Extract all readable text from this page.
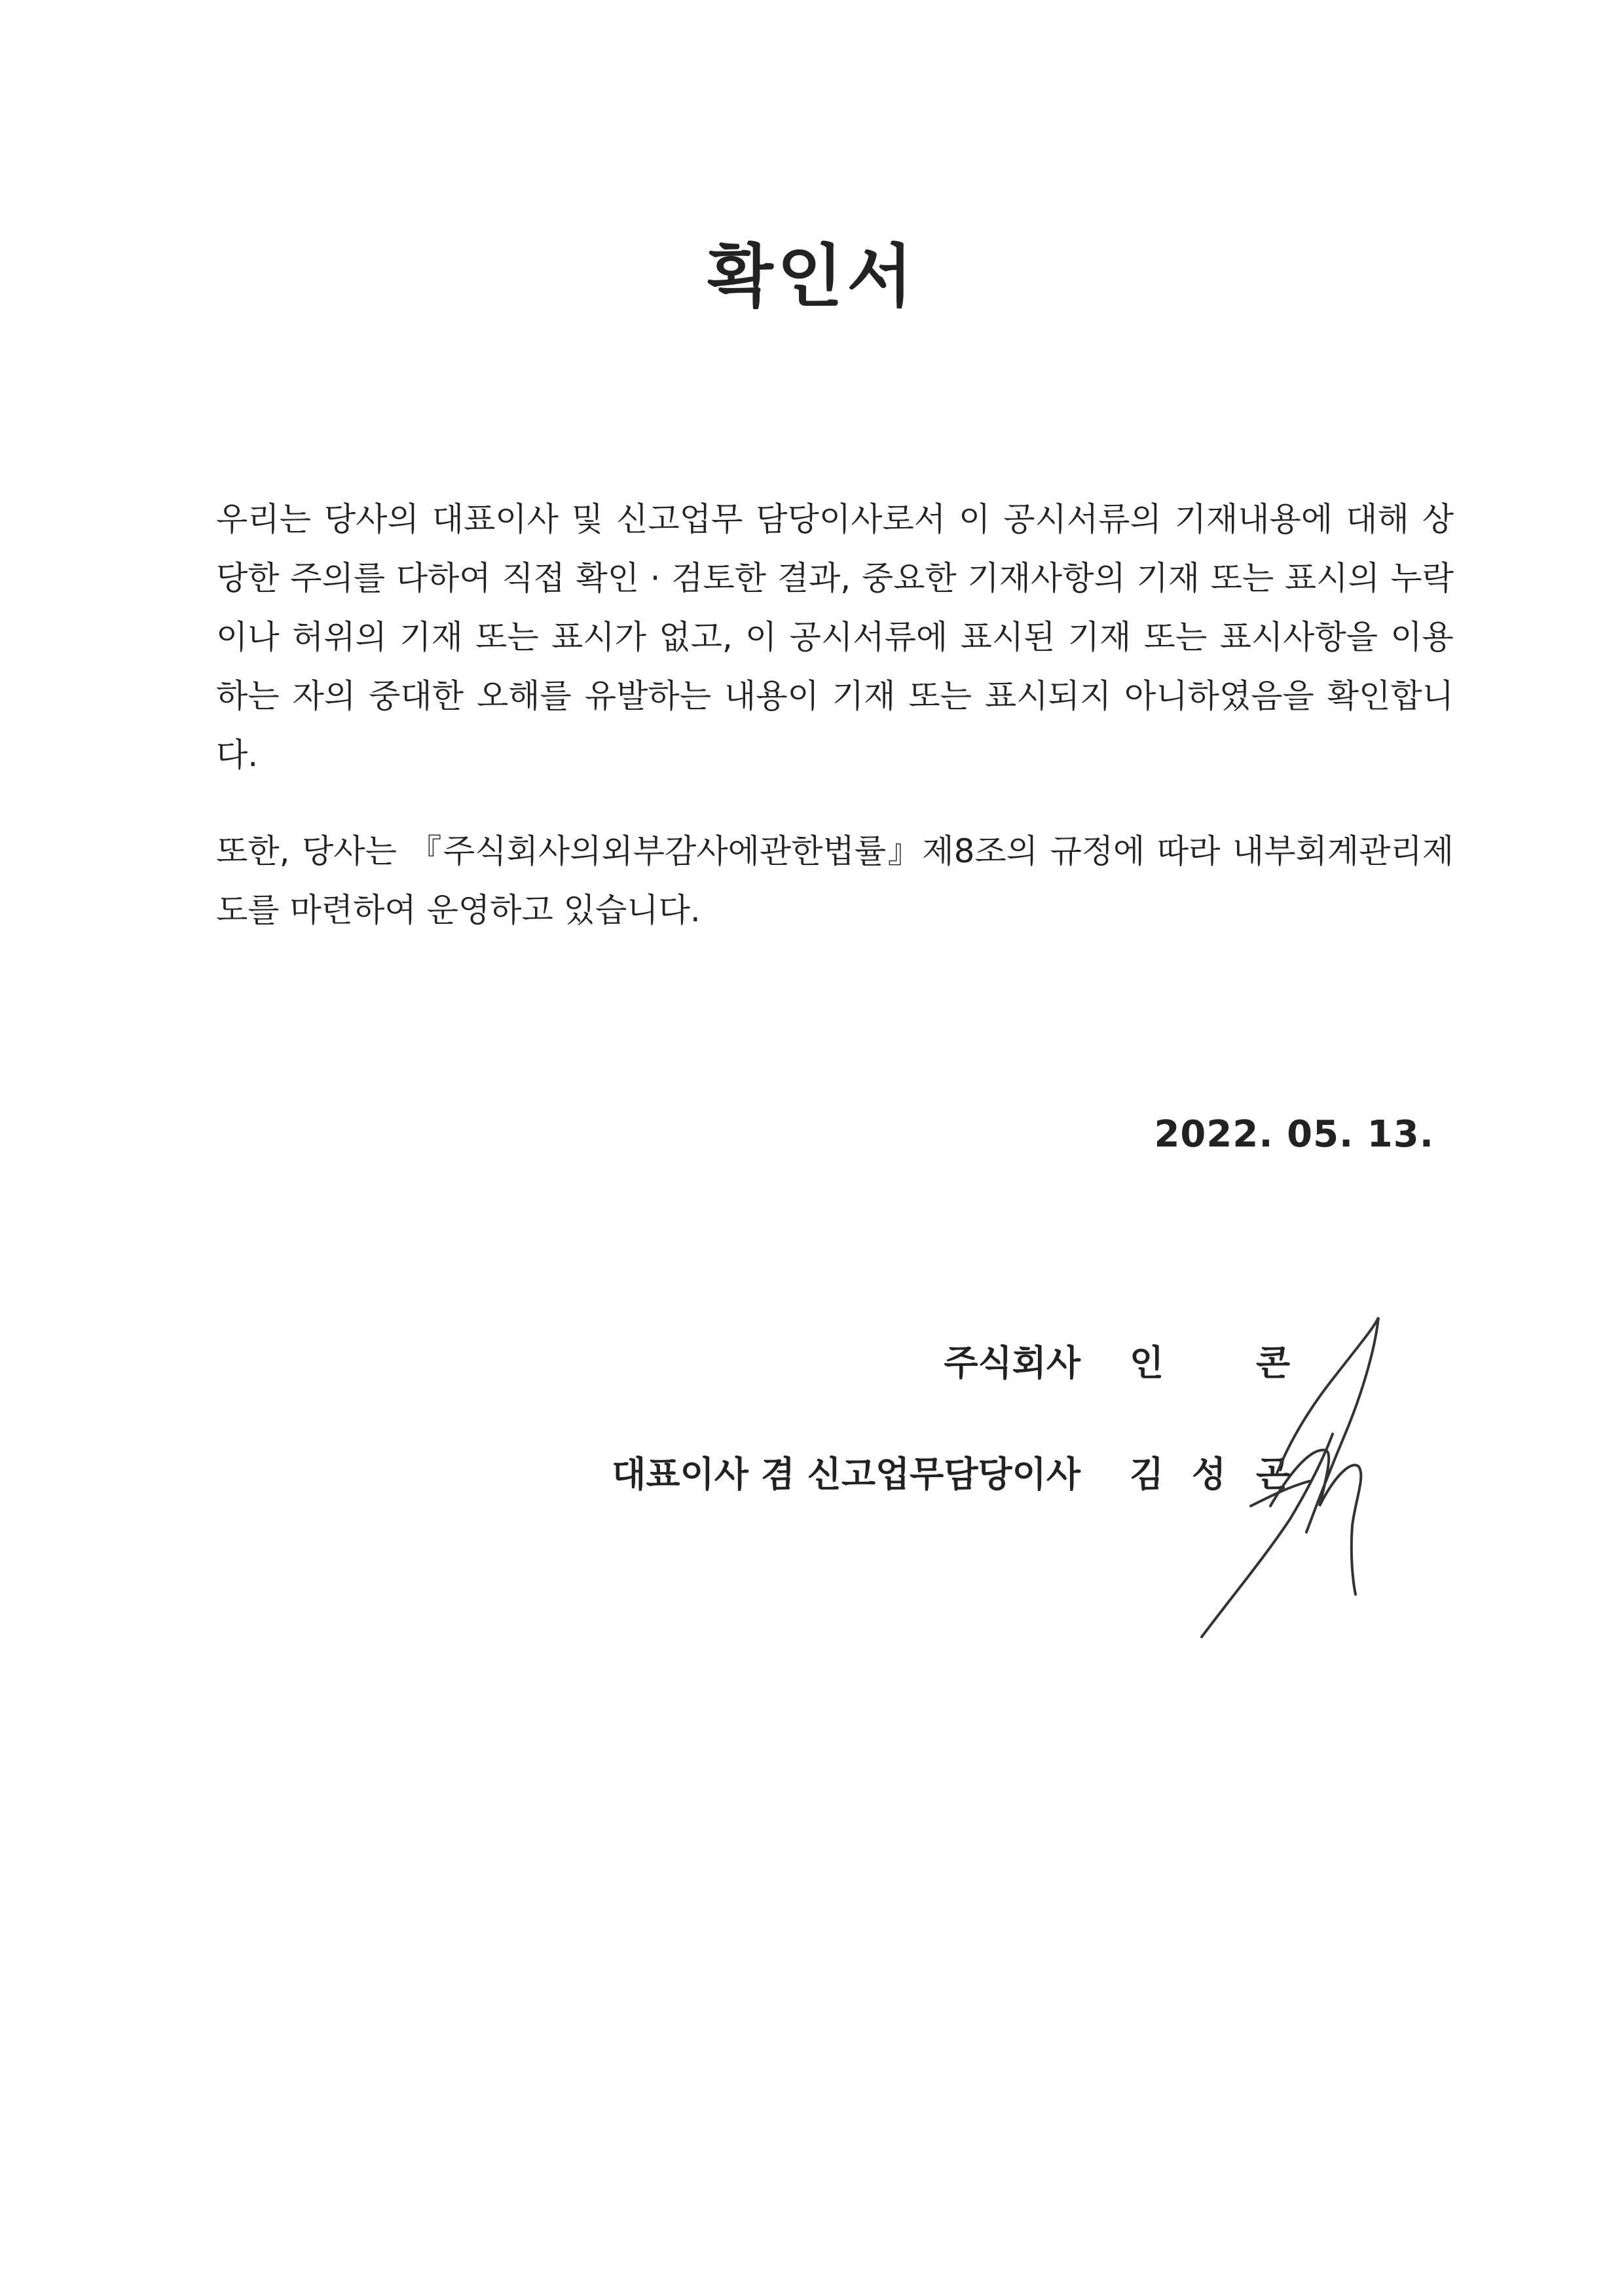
확인서

우리는 당사의 대표이사 및 신고업무 담당이사로서 이 공시서류의 기재내용에 대해 상당한 주의를 다하여 직접 확인 · 검토한 결과, 중요한 기재사항의 기재 또는 표시의 누락이나 허위의 기재 또는 표시가 없고, 이 공시서류에 표시된 기재 또는 표시사항을 이용하는 자의 중대한 오해를 유발하는 내용이 기재 또는 표시되지 아니하였음을 확인합니다.

또한, 당사는 『주식회사의외부감사에관한법률』제8조의 규정에 따라 내부회계관리제도를 마련하여 운영하고 있습니다.

2022. 05. 13.
주식회사 인	콘
대표이사 겸 신고업무담당이사 김 성 곤
